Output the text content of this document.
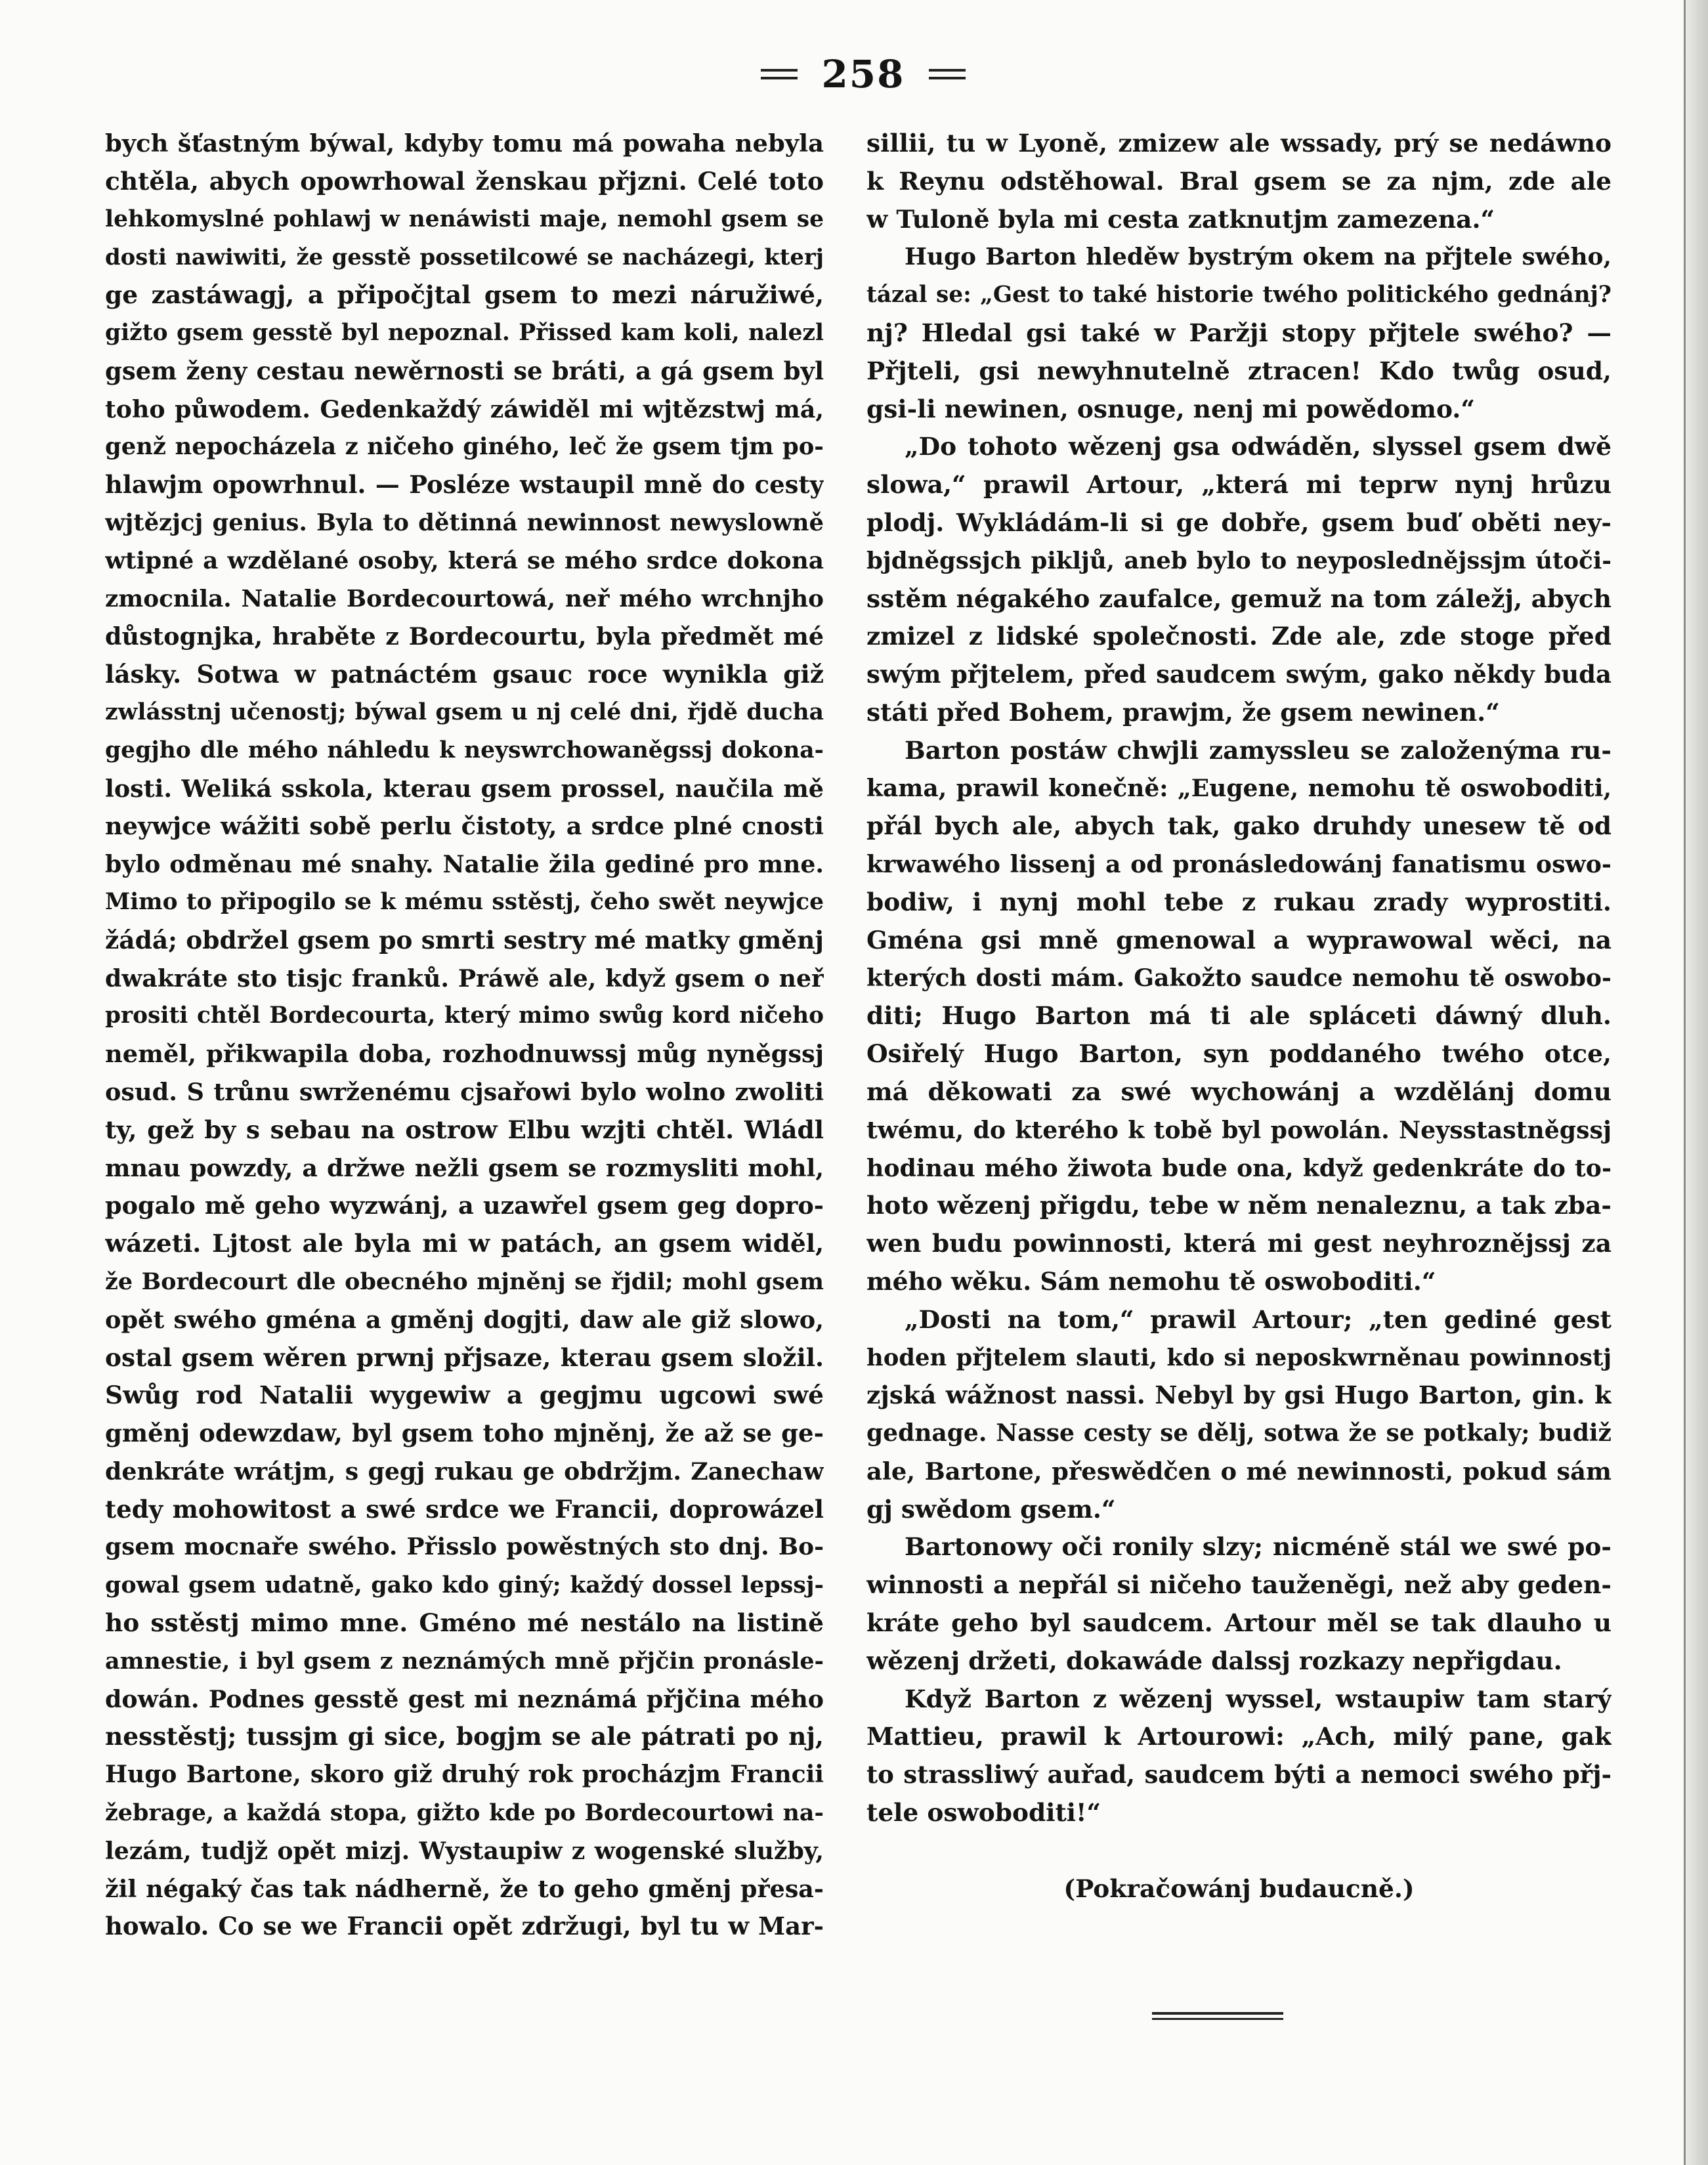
258
bych šťastným býwal, kdyby tomu má powaha nebyla
chtěla, abych opowrhowal ženskau přjzni. Celé toto
lehkomyslné pohlawj w nenáwisti maje, nemohl gsem se
dosti nawiwiti, že gesstě possetilcowé se nacházegi, kterj
ge zastáwagj, a připočjtal gsem to mezi náružiwé,
gižto gsem gesstě byl nepoznal. Přissed kam koli, nalezl
gsem ženy cestau newěrnosti se bráti, a gá gsem byl
toho půwodem. Gedenkaždý záwiděl mi wjtězstwj má,
genž nepocházela z ničeho giného, leč že gsem tjm po-
hlawjm opowrhnul. — Posléze wstaupil mně do cesty
wjtězjcj genius. Byla to dětinná newinnost newyslowně
wtipné a wzdělané osoby, která se mého srdce dokona
zmocnila. Natalie Bordecourtowá, neř mého wrchnjho
důstognjka, hraběte z Bordecourtu, byla předmět mé
lásky. Sotwa w patnáctém gsauc roce wynikla giž
zwlásstnj učenostj; býwal gsem u nj celé dni, řjdě ducha
gegjho dle mého náhledu k neyswrchowaněgssj dokona-
losti. Weliká sskola, kterau gsem prossel, naučila mě
neywjce wážiti sobě perlu čistoty, a srdce plné cnosti
bylo odměnau mé snahy. Natalie žila gediné pro mne.
Mimo to připogilo se k mému sstěstj, čeho swět neywjce
žádá; obdržel gsem po smrti sestry mé matky gměnj
dwakráte sto tisjc franků. Práwě ale, když gsem o neř
prositi chtěl Bordecourta, který mimo swůg kord ničeho
neměl, přikwapila doba, rozhodnuwssj můg nyněgssj
osud. S trůnu swrženému cjsařowi bylo wolno zwoliti
ty, gež by s sebau na ostrow Elbu wzjti chtěl. Wládl
mnau powzdy, a držwe nežli gsem se rozmysliti mohl,
pogalo mě geho wyzwánj, a uzawřel gsem geg dopro-
wázeti. Ljtost ale byla mi w patách, an gsem widěl,
že Bordecourt dle obecného mjněnj se řjdil; mohl gsem
opět swého gména a gměnj dogjti, daw ale giž slowo,
ostal gsem wěren prwnj přjsaze, kterau gsem složil.
Swůg rod Natalii wygewiw a gegjmu ugcowi swé
gměnj odewzdaw, byl gsem toho mjněnj, že až se ge-
denkráte wrátjm, s gegj rukau ge obdržjm. Zanechaw
tedy mohowitost a swé srdce we Francii, doprowázel
gsem mocnaře swého. Přisslo powěstných sto dnj. Bo-
gowal gsem udatně, gako kdo giný; každý dossel lepssj-
ho sstěstj mimo mne. Gméno mé nestálo na listině
amnestie, i byl gsem z neznámých mně přjčin pronásle-
dowán. Podnes gesstě gest mi neznámá přjčina mého
nesstěstj; tussjm gi sice, bogjm se ale pátrati po nj,
Hugo Bartone, skoro giž druhý rok procházjm Francii
žebrage, a každá stopa, gižto kde po Bordecourtowi na-
lezám, tudjž opět mizj. Wystaupiw z wogenské služby,
žil négaký čas tak nádherně, že to geho gměnj přesa-
howalo. Co se we Francii opět zdržugi, byl tu w Mar-
sillii, tu w Lyoně, zmizew ale wssady, prý se nedáwno
k Reynu odstěhowal. Bral gsem se za njm, zde ale
w Tuloně byla mi cesta zatknutjm zamezena.“
Hugo Barton hleděw bystrým okem na přjtele swého,
tázal se: „Gest to také historie twého politického gednánj?
nj? Hledal gsi také w Paržji stopy přjtele swého? —
Přjteli, gsi newyhnutelně ztracen! Kdo twůg osud,
gsi-li newinen, osnuge, nenj mi powědomo.“
„Do tohoto wězenj gsa odwáděn, slyssel gsem dwě
slowa,“ prawil Artour, „která mi teprw nynj hrůzu
plodj. Wykládám-li si ge dobře, gsem buď oběti ney-
bjdněgssjch pikljů, aneb bylo to neyposlednějssjm útoči-
sstěm négakého zaufalce, gemuž na tom záležj, abych
zmizel z lidské společnosti. Zde ale, zde stoge před
swým přjtelem, před saudcem swým, gako někdy buda
státi před Bohem, prawjm, že gsem newinen.“
Barton postáw chwjli zamyssleu se založenýma ru-
kama, prawil konečně: „Eugene, nemohu tě oswoboditi,
přál bych ale, abych tak, gako druhdy unesew tě od
krwawého lissenj a od pronásledowánj fanatismu oswo-
bodiw, i nynj mohl tebe z rukau zrady wyprostiti.
Gména gsi mně gmenowal a wyprawowal wěci, na
kterých dosti mám. Gakožto saudce nemohu tě oswobo-
diti; Hugo Barton má ti ale spláceti dáwný dluh.
Osiřelý Hugo Barton, syn poddaného twého otce,
má děkowati za swé wychowánj a wzdělánj domu
twému, do kterého k tobě byl powolán. Neysstastněgssj
hodinau mého žiwota bude ona, když gedenkráte do to-
hoto wězenj přigdu, tebe w něm nenaleznu, a tak zba-
wen budu powinnosti, která mi gest neyhroznějssj za
mého wěku. Sám nemohu tě oswoboditi.“
„Dosti na tom,“ prawil Artour; „ten gediné gest
hoden přjtelem slauti, kdo si neposkwrněnau powinnostj
zjská wážnost nassi. Nebyl by gsi Hugo Barton, gin. k
gednage. Nasse cesty se dělj, sotwa že se potkaly; budiž
ale, Bartone, přeswědčen o mé newinnosti, pokud sám
gj swědom gsem.“
Bartonowy oči ronily slzy; nicméně stál we swé po-
winnosti a nepřál si ničeho tauženěgi, než aby geden-
kráte geho byl saudcem. Artour měl se tak dlauho u
wězenj držeti, dokawáde dalssj rozkazy nepřigdau.
Když Barton z wězenj wyssel, wstaupiw tam starý
Mattieu, prawil k Artourowi: „Ach, milý pane, gak
to strassliwý auřad, saudcem býti a nemoci swého přj-
tele oswoboditi!“
(Pokračowánj budaucně.)
